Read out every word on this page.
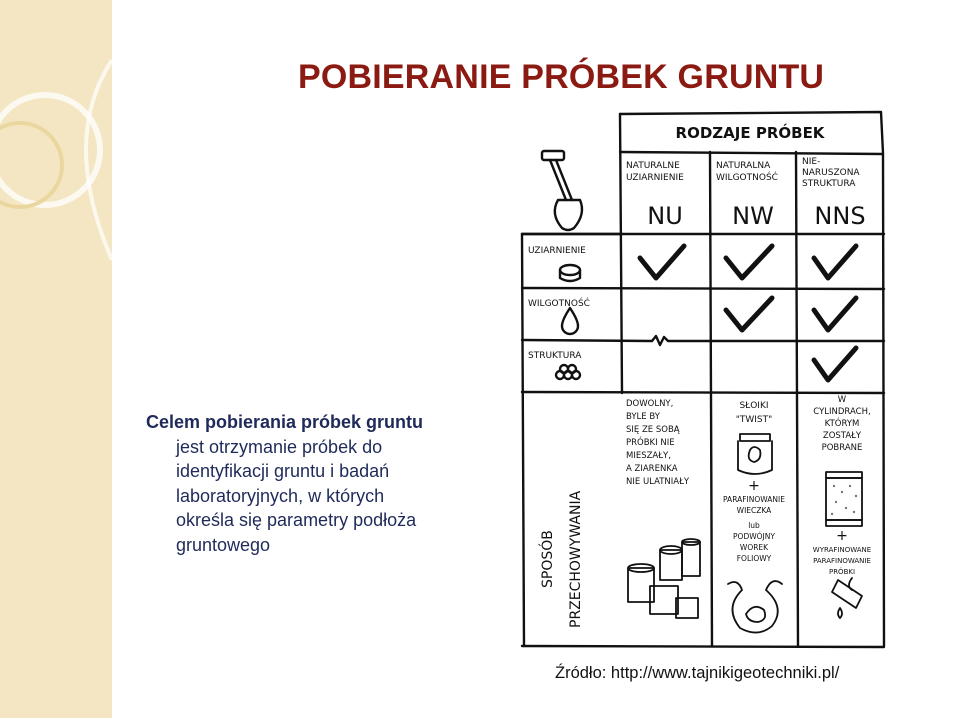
POBIERANIE PRÓBEK GRUNTU
Celem pobierania próbek gruntu
jest otrzymanie próbek do
identyfikacji gruntu i badań
laboratoryjnych, w których
określa się parametry podłoża
gruntowego
RODZAJE PRÓBEK
NATURALNE
UZIARNIENIE
NATURALNA
WILGOTNOŚĆ
NIE-
NARUSZONA
STRUKTURA
NU NW NNS
UZIARNIENIE
WILGOTNOŚĆ
STRUKTURA
SPOSÓB PRZECHOWYWANIA
DOWOLNY,
BYLE BY
SIĘ ZE SOBĄ
PRÓBKI NIE
MIESZAŁY,
A ZIARENKA
NIE ULATNIAŁY
SŁOIKI
"TWIST"
+
PARAFINOWANIE
WIECZKA
lub
PODWÓJNY
WOREK
FOLIOWY
W
CYLINDRACH,
KTÓRYM
ZOSTAŁY
POBRANE
+
WYRAFINOWANE
PARAFINOWANIE
PRÓBKI
Źródło: http://www.tajnikigeotechniki.pl/
